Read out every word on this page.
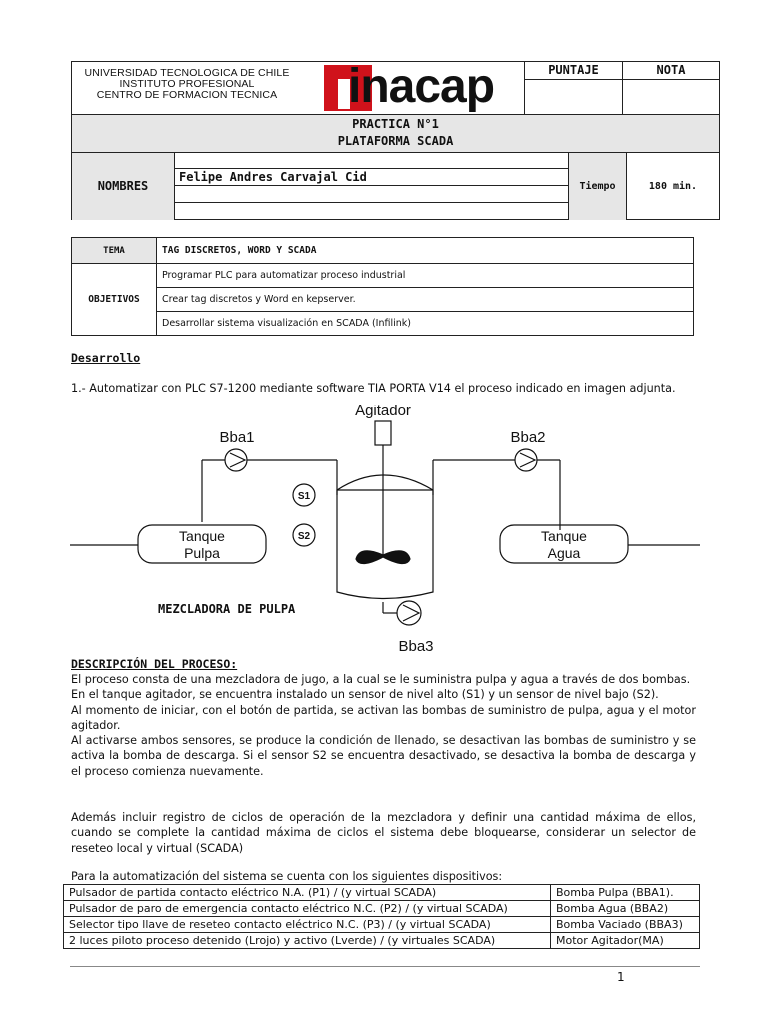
UNIVERSIDAD TECNOLOGICA DE CHILE
INSTITUTO PROFESIONAL
CENTRO DE FORMACION TECNICA	inacap	PUNTAJE	NOTA

PRACTICA N°1
PLATAFORMA SCADA

NOMBRES
Felipe Andres Carvajal Cid
Tiempo	180 min.
TEMA	TAG DISCRETOS, WORD Y SCADA
OBJETIVOS	Programar PLC para automatizar proceso industrial
	Crear tag discretos y Word en kepserver.
	Desarrollar sistema visualización en SCADA (Infilink)
Desarrollo
1.- Automatizar con PLC S7-1200 mediante software TIA PORTA V14 el proceso indicado en imagen adjunta.
Agitador
Bba1	Bba2
Bba3
S1
S2
Tanque
Pulpa
Tanque
Agua
MEZCLADORA DE PULPA
DESCRIPCIÓN DEL PROCESO:
El proceso consta de una mezcladora de jugo, a la cual se le suministra pulpa y agua a través de dos bombas.
En el tanque agitador, se encuentra instalado un sensor de nivel alto (S1) y un sensor de nivel bajo (S2).
Al momento de iniciar, con el botón de partida, se activan las bombas de suministro de pulpa, agua y el motor agitador.
Al activarse ambos sensores, se produce la condición de llenado, se desactivan las bombas de suministro y se activa la bomba de descarga. Si el sensor S2 se encuentra desactivado, se desactiva la bomba de descarga y el proceso comienza nuevamente.
Además incluir registro de ciclos de operación de la mezcladora y definir una cantidad máxima de ellos, cuando se complete la cantidad máxima de ciclos el sistema debe bloquearse, considerar un selector de reseteo local y virtual (SCADA)
Para la automatización del sistema se cuenta con los siguientes dispositivos:
Pulsador de partida contacto eléctrico N.A. (P1) / (y virtual SCADA)	Bomba Pulpa (BBA1).
Pulsador de paro de emergencia contacto eléctrico N.C. (P2) / (y virtual SCADA)	Bomba Agua (BBA2)
Selector tipo llave de reseteo contacto eléctrico N.C. (P3) / (y virtual SCADA)	Bomba Vaciado (BBA3)
2 luces piloto proceso detenido (Lrojo) y activo (Lverde) / (y virtuales SCADA)	Motor Agitador(MA)
1
